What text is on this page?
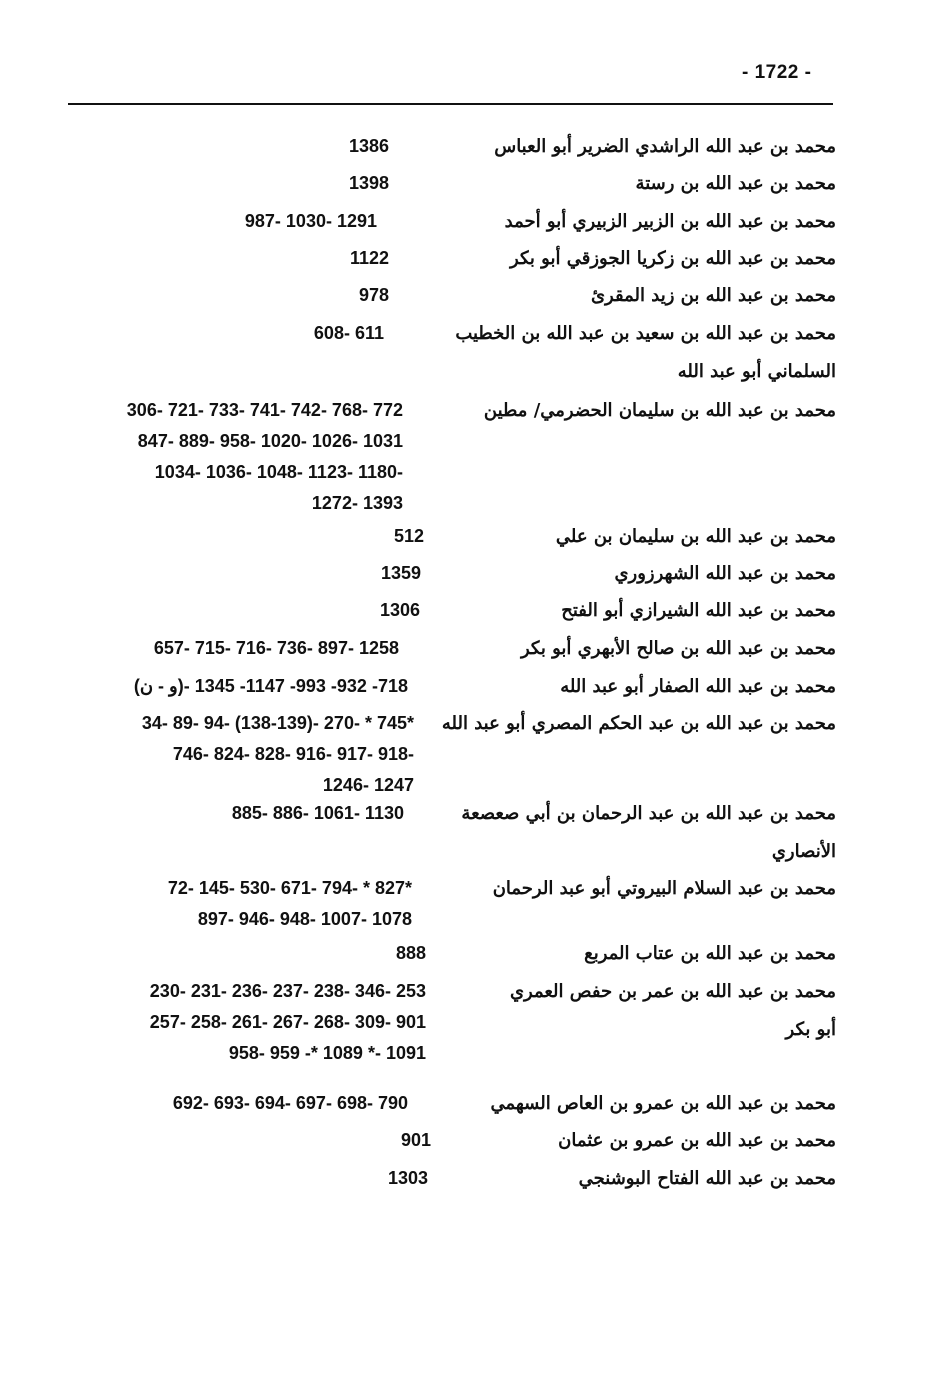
- 1722 -
محمد بن عبد الله الراشدي الضرير أبو العباس
1386
محمد بن عبد الله بن رستة
1398
محمد بن عبد الله بن الزبير الزبيري أبو أحمد
987- 1030- 1291
محمد بن عبد الله بن زكريا الجوزقي أبو بكر
1122
محمد بن عبد الله بن زيد المقرئ
978
محمد بن عبد الله بن سعيد بن عبد الله بن الخطيب
السلماني أبو عبد الله
608- 611
محمد بن عبد الله بن سليمان الحضرمي/ مطين
306- 721- 733- 741- 742- 768- 772
847- 889- 958- 1020- 1026- 1031
1034- 1036- 1048- 1123- 1180-
1272- 1393
محمد بن عبد الله بن سليمان بن علي
512
محمد بن عبد الله الشهرزوري
1359
محمد بن عبد الله الشيرازي أبو الفتح
1306
محمد بن عبد الله بن صالح الأبهري أبو بكر
657- 715- 716- 736- 897- 1258
محمد بن عبد الله الصفار أبو عبد الله
(و - ن)- 718- 932- 993- 1147- 1345
محمد بن عبد الله بن عبد الحكم المصري أبو عبد الله
34- 89- 94- (138-139)- 270- * 745*
746- 824- 828- 916- 917- 918-
1246- 1247
محمد بن عبد الله بن عبد الرحمان بن أبي صعصعة
الأنصاري
885- 886- 1061- 1130
محمد بن عبد السلام البيروتي أبو عبد الرحمان
72- 145- 530- 671- 794- * 827*
897- 946- 948- 1007- 1078
محمد بن عبد الله بن عتاب المربع
888
محمد بن عبد الله بن عمر بن حفص العمري
أبو بكر
230- 231- 236- 237- 238- 346- 253
257- 258- 261- 267- 268- 309- 901
958- 959 -* 1089 *- 1091
محمد بن عبد الله بن عمرو بن العاص السهمي
692- 693- 694- 697- 698- 790
محمد بن عبد الله بن عمرو بن عثمان
901
محمد بن عبد الله الفتاح البوشنجي
1303
